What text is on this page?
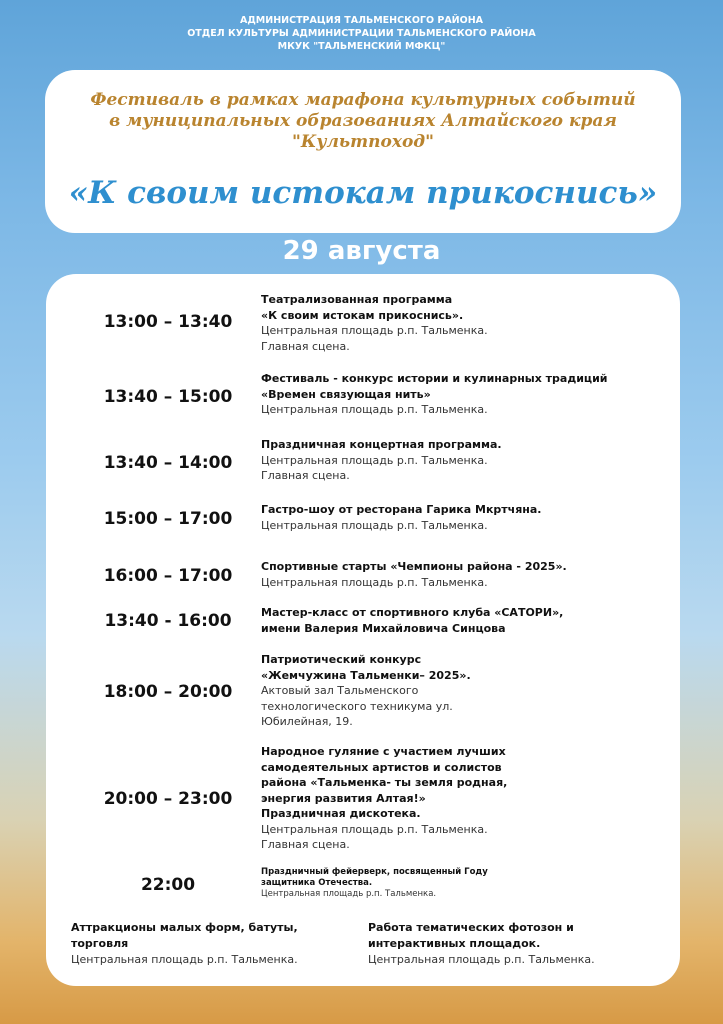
АДМИНИСТРАЦИЯ ТАЛЬМЕНСКОГО РАЙОНА
ОТДЕЛ КУЛЬТУРЫ АДМИНИСТРАЦИИ ТАЛЬМЕНСКОГО РАЙОНА
МКУК "ТАЛЬМЕНСКИЙ МФКЦ"
Фестиваль в рамках марафона культурных событий
в муниципальных образованиях Алтайского края
"Культпоход"
«К своим истокам прикоснись»
29 августа
13:00 – 13:40
Театрализованная программа
«К своим истокам прикоснись».
Центральная площадь р.п. Тальменка.
Главная сцена.
13:40 – 15:00
Фестиваль - конкурс истории и кулинарных традиций
«Времен связующая нить»
Центральная площадь р.п. Тальменка.
13:40 – 14:00
Праздничная концертная программа.
Центральная площадь р.п. Тальменка.
Главная сцена.
15:00 – 17:00	Гастро-шоу от ресторана Гарика Мкртчяна.
Центральная площадь р.п. Тальменка.
16:00 – 17:00	Спортивные старты «Чемпионы района - 2025».
Центральная площадь р.п. Тальменка.
13:40 - 16:00	Мастер-класс от спортивного клуба «САТОРИ»,
имени Валерия Михайловича Синцова
18:00 – 20:00
Патриотический конкурс
«Жемчужина Тальменки– 2025».
Актовый зал Тальменского
технологического техникума ул.
Юбилейная, 19.
20:00 – 23:00
Народное гуляние с участием лучших
самодеятельных артистов и солистов
района «Тальменка- ты земля родная,
энергия развития Алтая!»
Праздничная дискотека.
Центральная площадь р.п. Тальменка.
Главная сцена.
22:00
Праздничный фейерверк, посвященный Году
защитника Отечества.
Центральная площадь р.п. Тальменка.
Аттракционы малых форм, батуты,
торговля
Центральная площадь р.п. Тальменка.
Работа тематических фотозон и
интерактивных площадок.
Центральная площадь р.п. Тальменка.
